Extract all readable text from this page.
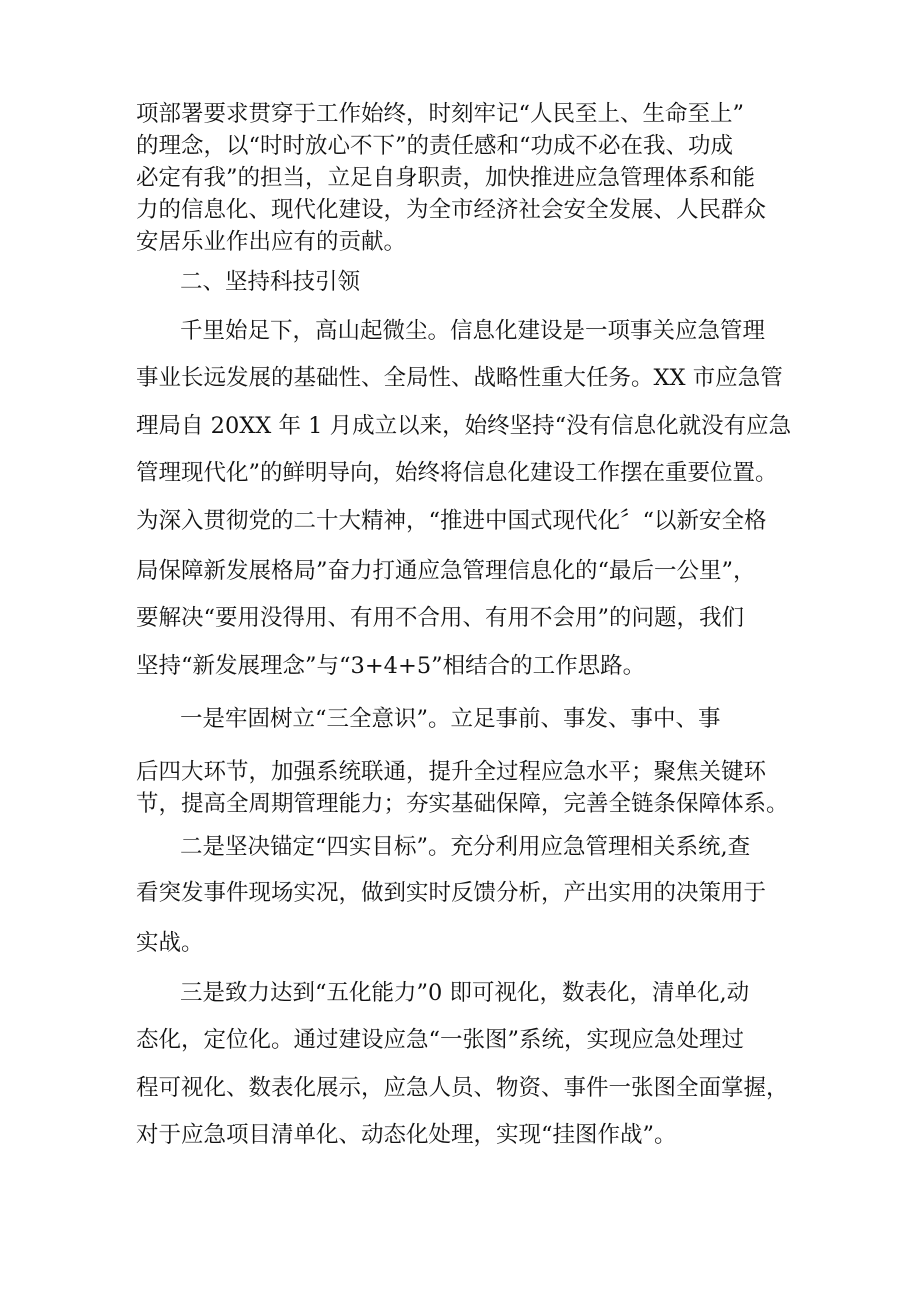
项部署要求贯穿于工作始终，时刻牢记“人民至上、生命至上”
的理念，以“时时放心不下”的责任感和“功成不必在我、功成
必定有我”的担当，立足自身职责，加快推进应急管理体系和能
力的信息化、现代化建设，为全市经济社会安全发展、人民群众
安居乐业作出应有的贡献。
二、坚持科技引领
千里始足下，高山起微尘。信息化建设是一项事关应急管理
事业长远发展的基础性、全局性、战略性重大任务。XX 市应急管
理局自 20XX 年 1 月成立以来，始终坚持“没有信息化就没有应急
管理现代化”的鲜明导向，始终将信息化建设工作摆在重要位置。
为深入贯彻党的二十大精神，“推进中国式现代化〞“以新安全格
局保障新发展格局”奋力打通应急管理信息化的“最后一公里”，
要解决“要用没得用、有用不合用、有用不会用”的问题，我们
坚持“新发展理念”与“3+4+5”相结合的工作思路。
一是牢固树立“三全意识”。立足事前、事发、事中、事
后四大环节，加强系统联通，提升全过程应急水平；聚焦关键环
节，提高全周期管理能力；夯实基础保障，完善全链条保障体系。
二是坚决锚定“四实目标”。充分利用应急管理相关系统,查
看突发事件现场实况，做到实时反馈分析，产出实用的决策用于
实战。
三是致力达到“五化能力”0 即可视化，数表化，清单化,动
态化，定位化。通过建设应急“一张图”系统，实现应急处理过
程可视化、数表化展示，应急人员、物资、事件一张图全面掌握，
对于应急项目清单化、动态化处理，实现“挂图作战”。
